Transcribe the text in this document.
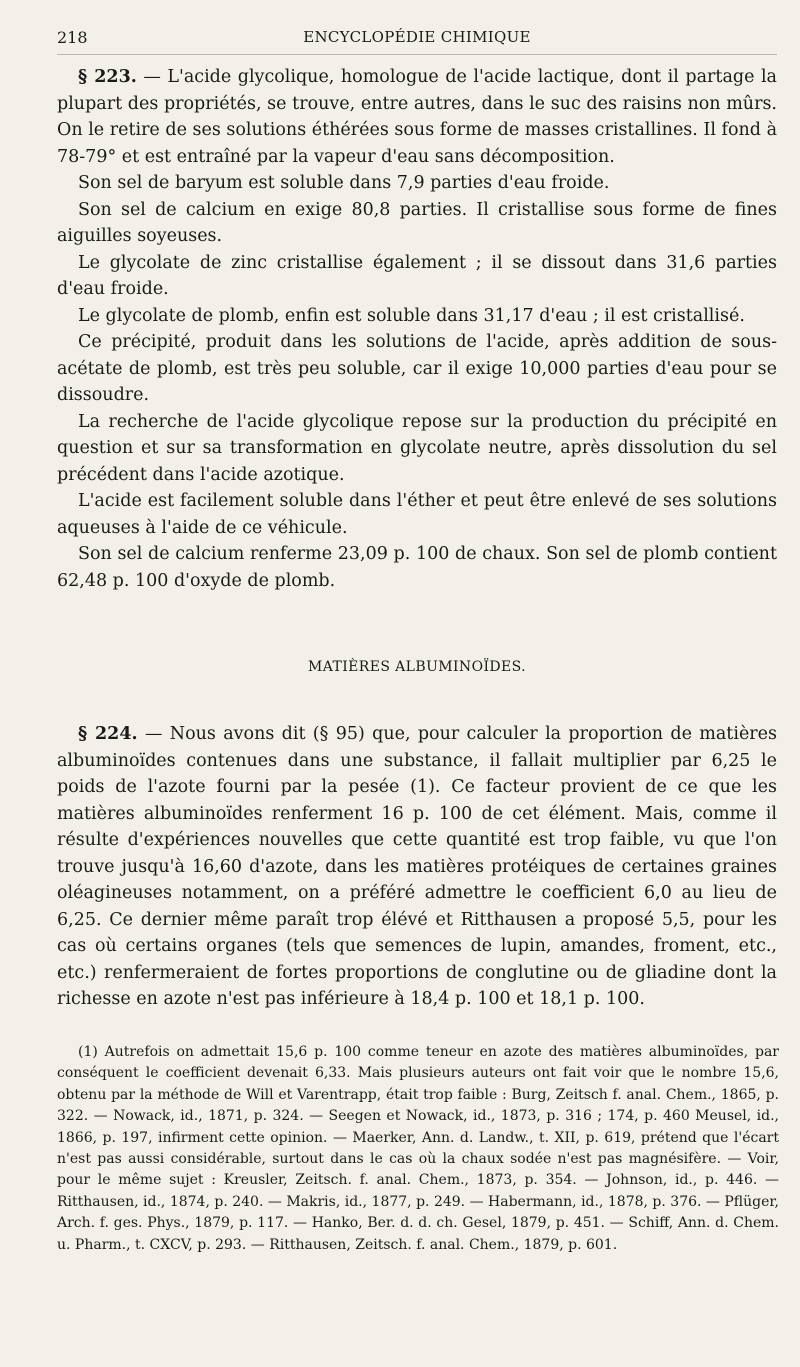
218	ENCYCLOPÉDIE CHIMIQUE

§ 223. — L'acide glycolique, homologue de l'acide lactique, dont il partage la plupart des propriétés, se trouve, entre autres, dans le suc des raisins non mûrs. On le retire de ses solutions éthérées sous forme de masses cristallines. Il fond à 78-79° et est entraîné par la vapeur d'eau sans décomposition.

Son sel de baryum est soluble dans 7,9 parties d'eau froide.

Son sel de calcium en exige 80,8 parties. Il cristallise sous forme de fines aiguilles soyeuses.

Le glycolate de zinc cristallise également ; il se dissout dans 31,6 parties d'eau froide.

Le glycolate de plomb, enfin est soluble dans 31,17 d'eau ; il est cristallisé.

Ce précipité, produit dans les solutions de l'acide, après addition de sous-acétate de plomb, est très peu soluble, car il exige 10,000 parties d'eau pour se dissoudre.

La recherche de l'acide glycolique repose sur la production du précipité en question et sur sa transformation en glycolate neutre, après dissolution du sel précédent dans l'acide azotique.

L'acide est facilement soluble dans l'éther et peut être enlevé de ses solutions aqueuses à l'aide de ce véhicule.

Son sel de calcium renferme 23,09 p. 100 de chaux. Son sel de plomb contient 62,48 p. 100 d'oxyde de plomb.

MATIÈRES ALBUMINOÏDES.

§ 224. — Nous avons dit (§ 95) que, pour calculer la proportion de matières albuminoïdes contenues dans une substance, il fallait multiplier par 6,25 le poids de l'azote fourni par la pesée (1). Ce facteur provient de ce que les matières albuminoïdes renferment 16 p. 100 de cet élément. Mais, comme il résulte d'expériences nouvelles que cette quantité est trop faible, vu que l'on trouve jusqu'à 16,60 d'azote, dans les matières protéiques de certaines graines oléagineuses notamment, on a préféré admettre le coefficient 6,0 au lieu de 6,25. Ce dernier même paraît trop élévé et Ritthausen a proposé 5,5, pour les cas où certains organes (tels que semences de lupin, amandes, froment, etc., etc.) renfermeraient de fortes proportions de conglutine ou de gliadine dont la richesse en azote n'est pas inférieure à 18,4 p. 100 et 18,1 p. 100.

(1) Autrefois on admettait 15,6 p. 100 comme teneur en azote des matières albuminoïdes, par conséquent le coefficient devenait 6,33. Mais plusieurs auteurs ont fait voir que le nombre 15,6, obtenu par la méthode de Will et Varentrapp, était trop faible : Burg, Zeitsch f. anal. Chem., 1865, p. 322. — Nowack, id., 1871, p. 324. — Seegen et Nowack, id., 1873, p. 316 ; 174, p. 460 Meusel, id., 1866, p. 197, infirment cette opinion. — Maerker, Ann. d. Landw., t. XII, p. 619, prétend que l'écart n'est pas aussi considérable, surtout dans le cas où la chaux sodée n'est pas magnésifère. — Voir, pour le même sujet : Kreusler, Zeitsch. f. anal. Chem., 1873, p. 354. — Johnson, id., p. 446. — Ritthausen, id., 1874, p. 240. — Makris, id., 1877, p. 249. — Habermann, id., 1878, p. 376. — Pflüger, Arch. f. ges. Phys., 1879, p. 117. — Hanko, Ber. d. d. ch. Gesel, 1879, p. 451. — Schiff, Ann. d. Chem. u. Pharm., t. CXCV, p. 293. — Ritthausen, Zeitsch. f. anal. Chem., 1879, p. 601.
